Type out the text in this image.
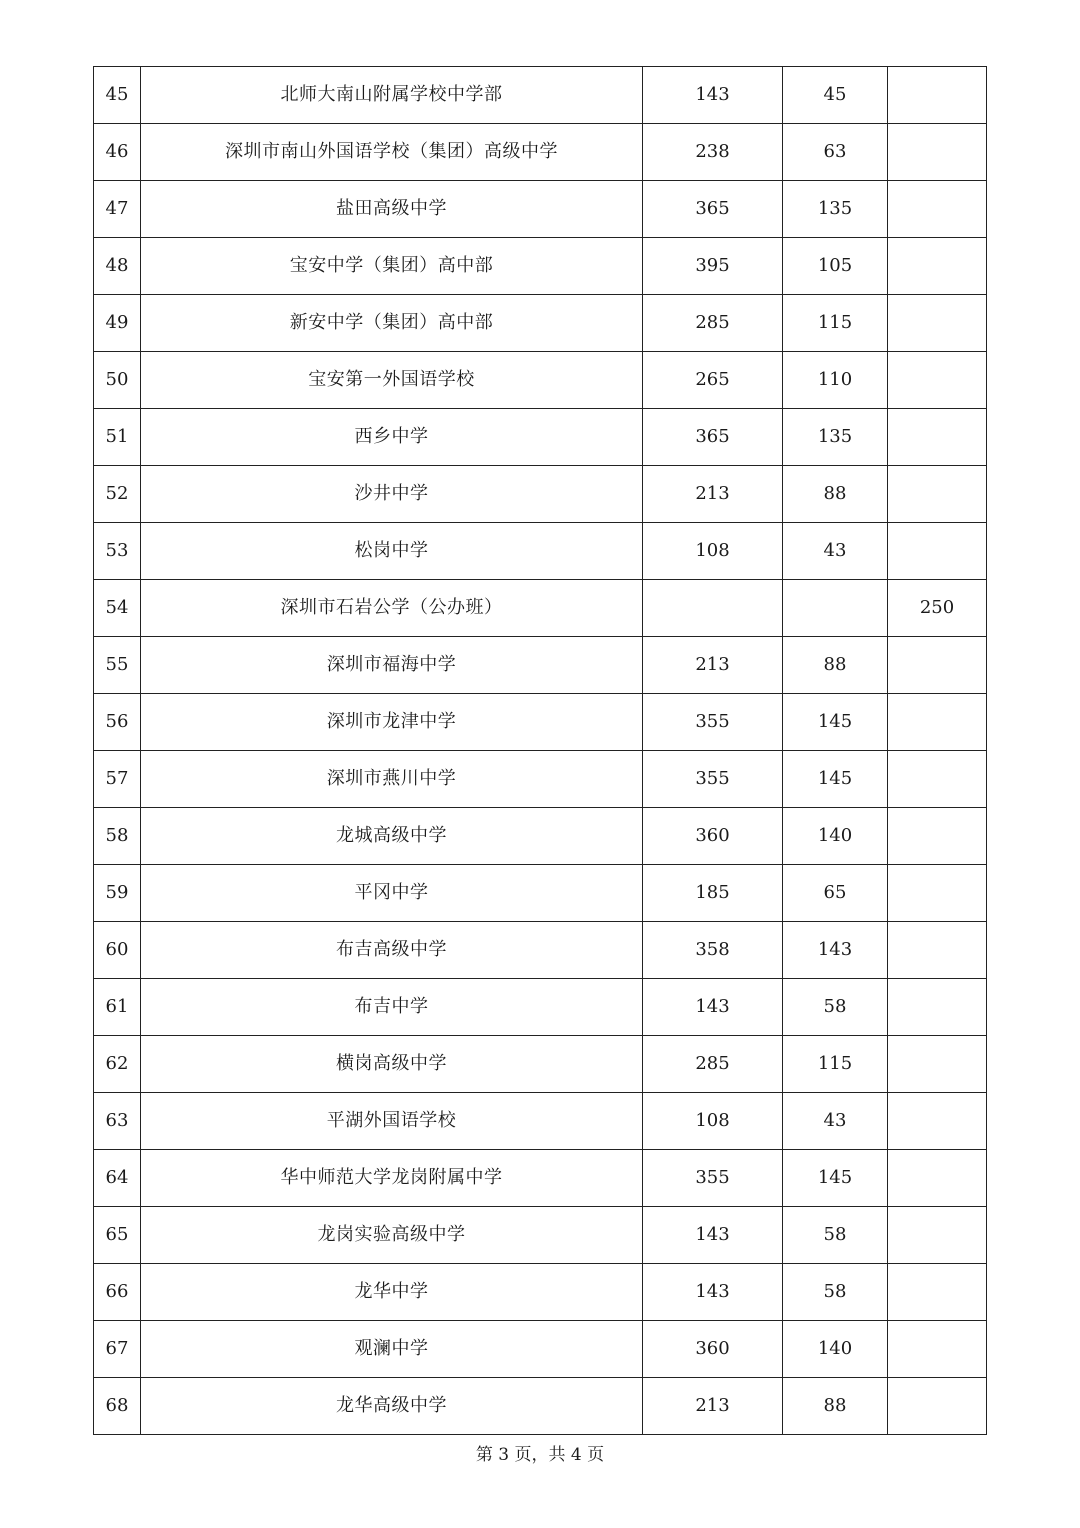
45	北师大南山附属学校中学部	143	45	
46	深圳市南山外国语学校（集团）高级中学	238	63	
47	盐田高级中学	365	135	
48	宝安中学（集团）高中部	395	105	
49	新安中学（集团）高中部	285	115	
50	宝安第一外国语学校	265	110	
51	西乡中学	365	135	
52	沙井中学	213	88	
53	松岗中学	108	43	
54	深圳市石岩公学（公办班）			250
55	深圳市福海中学	213	88	
56	深圳市龙津中学	355	145	
57	深圳市燕川中学	355	145	
58	龙城高级中学	360	140	
59	平冈中学	185	65	
60	布吉高级中学	358	143	
61	布吉中学	143	58	
62	横岗高级中学	285	115	
63	平湖外国语学校	108	43	
64	华中师范大学龙岗附属中学	355	145	
65	龙岗实验高级中学	143	58	
66	龙华中学	143	58	
67	观澜中学	360	140	
68	龙华高级中学	213	88	
第 3 页，共 4 页
